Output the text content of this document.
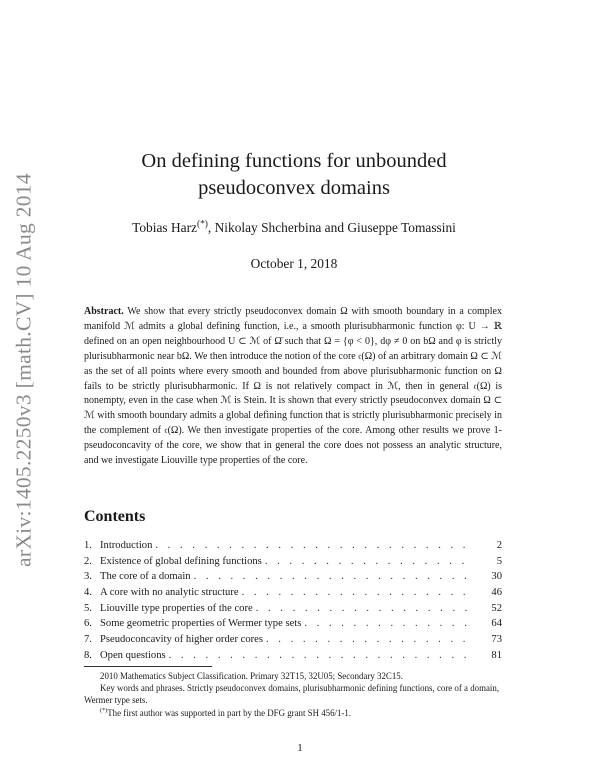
arXiv:1405.2250v3 [math.CV] 10 Aug 2014
On defining functions for unbounded pseudoconvex domains
Tobias Harz(*), Nikolay Shcherbina and Giuseppe Tomassini
October 1, 2018

Abstract. We show that every strictly pseudoconvex domain Ω with smooth boundary in a complex manifold ℳ admits a global defining function, i.e., a smooth plurisubharmonic function φ: U → ℝ defined on an open neighbourhood U ⊂ ℳ of Ω̄ such that Ω = {φ < 0}, dφ ≠ 0 on bΩ and φ is strictly plurisubharmonic near bΩ. We then introduce the notion of the core 𝔠(Ω) of an arbitrary domain Ω ⊂ ℳ as the set of all points where every smooth and bounded from above plurisubharmonic function on Ω fails to be strictly plurisubharmonic. If Ω is not relatively compact in ℳ, then in general 𝔠(Ω) is nonempty, even in the case when ℳ is Stein. It is shown that every strictly pseudoconvex domain Ω ⊂ ℳ with smooth boundary admits a global defining function that is strictly plurisubharmonic precisely in the complement of 𝔠(Ω). We then investigate properties of the core. Among other results we prove 1-pseudoconcavity of the core, we show that in general the core does not possess an analytic structure, and we investigate Liouville type properties of the core.

Contents
1. Introduction . . .	2
2. Existence of global defining functions . . .	5
3. The core of a domain . . .	30
4. A core with no analytic structure . . .	46
5. Liouville type properties of the core . . .	52
6. Some geometric properties of Wermer type sets . . .	64
7. Pseudoconcavity of higher order cores . . .	73
8. Open questions . . .	81

2010 Mathematics Subject Classification. Primary 32T15, 32U05; Secondary 32C15.

Key words and phrases. Strictly pseudoconvex domains, plurisubharmonic defining functions, core of a domain, Wermer type sets.

(*)The first author was supported in part by the DFG grant SH 456/1-1.

1
